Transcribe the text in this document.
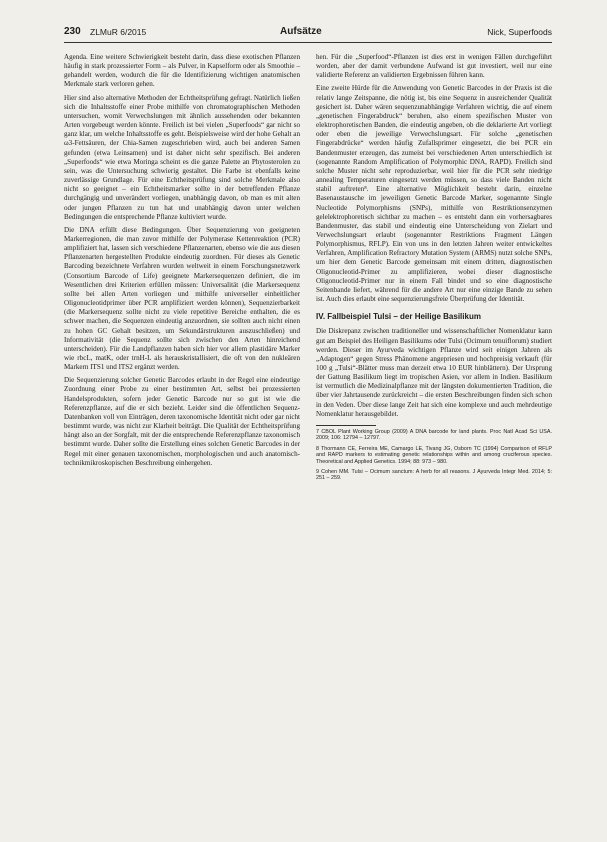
230 ZLMuR 6/2015	Aufsätze	Nick, Superfoods

Agenda. Eine weitere Schwierigkeit besteht darin, dass diese exotischen Pflanzen häufig in stark prozessierter Form – als Pulver, in Kapselform oder als Smoothie – gehandelt werden, wodurch die für die Identifizierung wichtigen anatomischen Merkmale stark verloren gehen.

Hier sind also alternative Methoden der Echtheitsprüfung gefragt. Natürlich ließen sich die Inhaltsstoffe einer Probe mithilfe von chromatographischen Methoden untersuchen, womit Verwechslungen mit ähnlich aussehenden oder bekannten Arten vorgebeugt werden könnte. Freilich ist bei vielen „Superfoods“ gar nicht so ganz klar, um welche Inhaltsstoffe es geht. Beispielsweise wird der hohe Gehalt an ω3-Fettsäuren, der Chia-Samen zugeschrieben wird, auch bei anderen Samen gefunden (etwa Leinsamen) und ist daher nicht sehr spezifisch. Bei anderen „Superfoods“ wie etwa Moringa scheint es die ganze Palette an Phytosterolen zu sein, was die Untersuchung schwierig gestaltet. Die Farbe ist ebenfalls keine zuverlässige Grundlage. Für eine Echtheitsprüfung sind solche Merkmale also nicht so geeignet – ein Echtheitsmarker sollte in der betreffenden Pflanze durchgängig und unverändert vorliegen, unabhängig davon, ob man es mit alten oder jungen Pflanzen zu tun hat und unabhängig davon unter welchen Bedingungen die entsprechende Pflanze kultiviert wurde.

Die DNA erfüllt diese Bedingungen. Über Sequenzierung von geeigneten Markerregionen, die man zuvor mithilfe der Polymerase Kettenreaktion (PCR) amplifiziert hat, lassen sich verschiedene Pflanzenarten, ebenso wie die aus diesen Pflanzenarten hergestellten Produkte eindeutig zuordnen. Für dieses als Genetic Barcoding bezeichnete Verfahren wurden weltweit in einem Forschungsnetzwerk (Consortium Barcode of Life) geeignete Markersequenzen definiert, die im Wesentlichen drei Kriterien erfüllen müssen: Universalität (die Markersequenz sollte bei allen Arten vorliegen und mithilfe universeller einheitlicher Oligonucleotidprimer über PCR amplifiziert werden können), Sequenzierbarkeit (die Markersequenz sollte nicht zu viele repetitive Bereiche enthalten, die es schwer machen, die Sequenzen eindeutig anzuordnen, sie sollten auch nicht einen zu hohen GC Gehalt besitzen, um Sekundärstrukturen auszuschließen) und Informativität (die Sequenz sollte sich zwischen den Arten hinreichend unterscheiden). Für die Landpflanzen haben sich hier vor allem plastidäre Marker wie rbcL, matK, oder trnH-L als herauskristallisiert, die oft von den nukleären Markern ITS1 und ITS2 ergänzt werden.

Die Sequenzierung solcher Genetic Barcodes erlaubt in der Regel eine eindeutige Zuordnung einer Probe zu einer bestimmten Art, selbst bei prozessierten Handelsprodukten, sofern jeder Genetic Barcode nur so gut ist wie die Referenzpflanze, auf die er sich bezieht. Leider sind die öffentlichen Sequenz-Datenbanken voll von Einträgen, deren taxonomische Identität nicht oder gar nicht bestimmt wurde, was nicht zur Klarheit beiträgt. Die Qualität der Echtheitsprüfung hängt also an der Sorgfalt, mit der die entsprechende Referenzpflanze taxonomisch bestimmt wurde. Daher sollte die Erstellung eines solchen Genetic Barcodes in der Regel mit einer genauen taxonomischen, morphologischen und auch anatomisch-technikmikroskopischen Beschreibung einhergehen.

hen. Für die „Superfood“-Pflanzen ist dies erst in wenigen Fällen durchgeführt worden, aber der damit verbundene Aufwand ist gut investiert, weil nur eine validierte Referenz an validierten Ergebnissen führen kann.

Eine zweite Hürde für die Anwendung von Genetic Barcodes in der Praxis ist die relativ lange Zeitspanne, die nötig ist, bis eine Sequenz in ausreichender Qualität gesichert ist. Daher wären sequenzunabhängige Verfahren wichtig, die auf einem „genetischen Fingerabdruck“ beruhen, also einem spezifischen Muster von elektrophoretischen Banden, die eindeutig angeben, ob die deklarierte Art vorliegt oder eben die jeweilige Verwechslungsart. Für solche „genetischen Fingerabdrücke“ werden häufig Zufallsprimer eingesetzt, die bei PCR ein Bandenmuster erzeugen, das zumeist bei verschiedenen Arten unterschiedlich ist (sogenannte Random Amplification of Polymorphic DNA, RAPD). Freilich sind solche Muster nicht sehr reproduzierbar, weil hier für die PCR sehr niedrige annealing Temperaturen eingesetzt werden müssen, so dass viele Banden nicht stabil auftreten⁸. Eine alternative Möglichkeit besteht darin, einzelne Basenaustausche im jeweiligen Genetic Barcode Marker, sogenannte Single Nucleotide Polymorphisms (SNPs), mithilfe von Restriktionsenzymen gelelektrophoretisch sichtbar zu machen – es entsteht dann ein vorhersagbares Bandenmuster, das stabil und eindeutig eine Unterscheidung von Zielart und Verwechslungsart erlaubt (sogenannter Restriktions Fragment Längen Polymorphismus, RFLP). Ein von uns in den letzten Jahren weiter entwickeltes Verfahren, Amplification Refractory Mutation System (ARMS) nutzt solche SNPs, um hier dem Genetic Barcode gemeinsam mit einem dritten, diagnostischen Oligonucleotid-Primer zu amplifizieren, wobei dieser diagnostische Oligonucleotid-Primer nur in einem Fall bindet und so eine diagnostische Seitenbande liefert, während für die andere Art nur eine einzige Bande zu sehen ist. Auch dies erlaubt eine sequenzierungsfreie Überprüfung der Identität.

IV. Fallbeispiel Tulsi – der Heilige Basilikum

Die Diskrepanz zwischen traditioneller und wissenschaftlicher Nomenklatur kann gut am Beispiel des Heiligen Basilikums oder Tulsi (Ocimum tenuiflorum) studiert werden. Dieser im Ayurveda wichtigen Pflanze wird seit einigen Jahren als „Adaptogen“ gegen Stress Phänomene angepriesen und hochpreisig verkauft (für 100 g „Tulsi“-Blätter muss man derzeit etwa 10 EUR hinblättern). Der Ursprung der Gattung Basilikum liegt im tropischen Asien, vor allem in Indien. Basilikum ist vermutlich die Medizinalpflanze mit der längsten dokumentierten Tradition, die über vier Jahrtausende zurückreicht – die ersten Beschreibungen finden sich schon in den Veden. Über diese lange Zeit hat sich eine komplexe und auch mehrdeutige Nomenklatur herausgebildet.

7 CBOL Plant Working Group (2009) A DNA barcode for land plants. Proc Natl Acad Sci USA. 2009; 106: 12794 – 12797.

8 Thormann CE, Ferreira ME, Camargo LE, Tivang JG, Osborn TC (1994) Comparison of RFLP and RAPD markers to estimating genetic relationships within and among cruciferous species. Theoretical and Applied Genetics. 1994; 88: 973 – 980.

9 Cohen MM. Tulsi – Ocimum sanctum: A herb for all reasons. J Ayurveda Integr Med. 2014; 5: 251 – 259.
